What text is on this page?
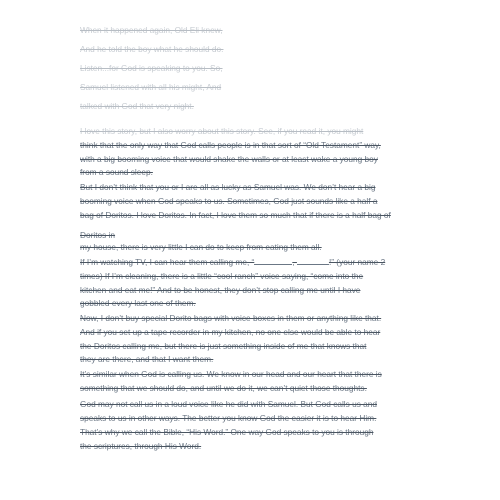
When it happened again, Old Eli knew,
And he told the boy what he should do.
Listen...for God is speaking to you. So,
Samuel listened with all his might, And
talked with God that very night.
I love this story, but I also worry about this story. See, if you read it, you might
think that the only way that God calls people is in that sort of “Old Testament” way,
with a big booming voice that would shake the walls or at least wake a young boy
from a sound sleep.
But I don’t think that you or I are all as lucky as Samuel was. We don’t hear a big
booming voice when God speaks to us. Sometimes, God just sounds like a half a
bag of Doritos. I love Doritos. In fact, I love them so much that if there is a half bag of
Doritos in
my house, there is very little I can do to keep from eating them all.
If I’m watching TV, I can hear them calling me, “	,	!” (your name 2
times) If I’m cleaning, there is a little “cool ranch” voice saying, “come into the
kitchen and eat me!” And to be honest, they don’t stop calling me until I have
gobbled every last one of them.
Now, I don’t buy special Dorito bags with voice boxes in them or anything like that.
And if you set up a tape recorder in my kitchen, no one else would be able to hear
the Doritos calling me, but there is just something inside of me that knows that
they are there, and that I want them.
It’s similar when God is calling us. We know in our head and our heart that there is
something that we should do, and until we do it, we can’t quiet those thoughts.
God may not call us in a loud voice like he did with Samuel. But God calls us and
speaks to us in other ways. The better you know God the easier it is to hear Him.
That’s why we call the Bible, “His Word.” One way God speaks to you is through
the scriptures, through His Word.
